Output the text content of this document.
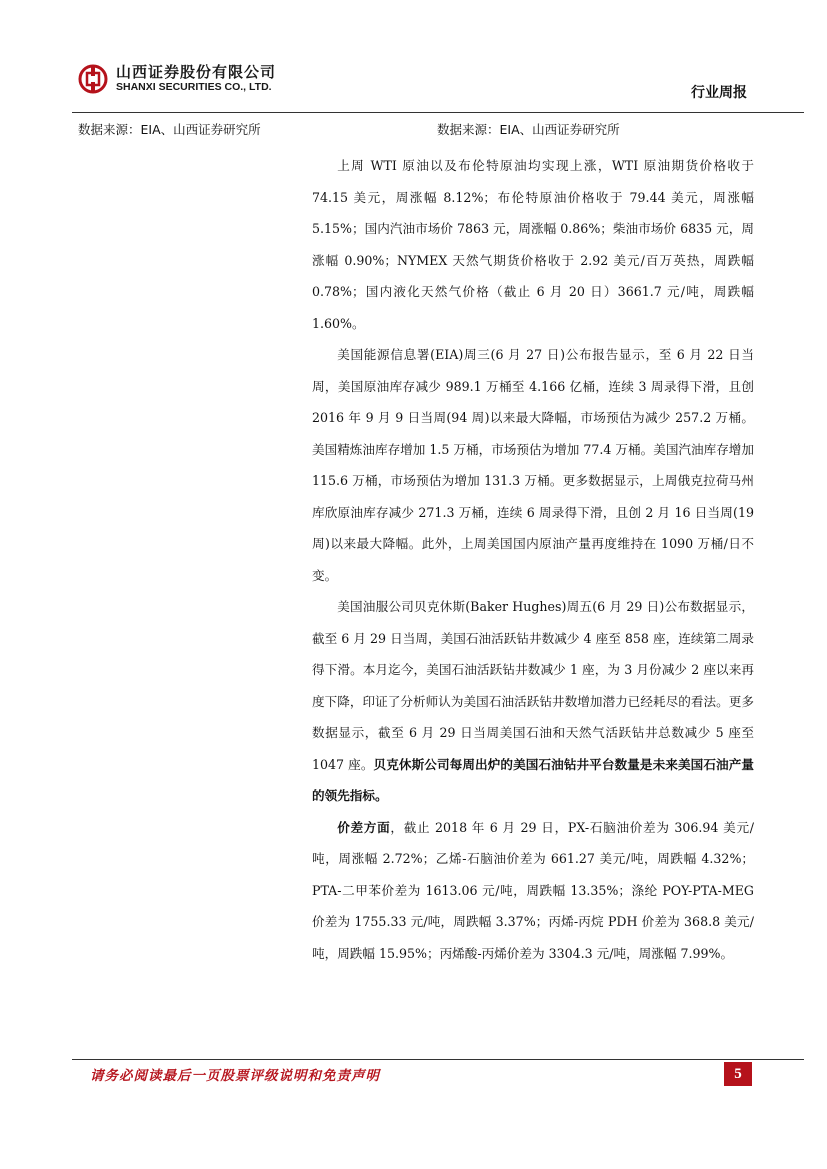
山西证券股份有限公司
SHANXI SECURITIES CO., LTD.	行业周报
数据来源：EIA、山西证券研究所	数据来源：EIA、山西证券研究所

上周 WTI 原油以及布伦特原油均实现上涨，WTI 原油期货价格收于 74.15 美元，周涨幅 8.12%；布伦特原油价格收于 79.44 美元，周涨幅 5.15%；国内汽油市场价 7863 元，周涨幅 0.86%；柴油市场价 6835 元，周涨幅 0.90%；NYMEX 天然气期货价格收于 2.92 美元/百万英热，周跌幅 0.78%；国内液化天然气价格（截止 6 月 20 日）3661.7 元/吨，周跌幅 1.60%。

美国能源信息署(EIA)周三(6 月 27 日)公布报告显示，至 6 月 22 日当周，美国原油库存减少 989.1 万桶至 4.166 亿桶，连续 3 周录得下滑，且创 2016 年 9 月 9 日当周(94 周)以来最大降幅，市场预估为减少 257.2 万桶。美国精炼油库存增加 1.5 万桶，市场预估为增加 77.4 万桶。美国汽油库存增加 115.6 万桶，市场预估为增加 131.3 万桶。更多数据显示，上周俄克拉荷马州库欣原油库存减少 271.3 万桶，连续 6 周录得下滑，且创 2 月 16 日当周(19 周)以来最大降幅。此外，上周美国国内原油产量再度维持在 1090 万桶/日不变。

美国油服公司贝克休斯(Baker Hughes)周五(6 月 29 日)公布数据显示，截至 6 月 29 日当周，美国石油活跃钻井数减少 4 座至 858 座，连续第二周录得下滑。本月迄今，美国石油活跃钻井数减少 1 座，为 3 月份减少 2 座以来再度下降，印证了分析师认为美国石油活跃钻井数增加潜力已经耗尽的看法。更多数据显示，截至 6 月 29 日当周美国石油和天然气活跃钻井总数减少 5 座至 1047 座。贝克休斯公司每周出炉的美国石油钻井平台数量是未来美国石油产量的领先指标。

价差方面，截止 2018 年 6 月 29 日，PX-石脑油价差为 306.94 美元/吨，周涨幅 2.72%；乙烯-石脑油价差为 661.27 美元/吨，周跌幅 4.32%；PTA-二甲苯价差为 1613.06 元/吨，周跌幅 13.35%；涤纶 POY-PTA-MEG 价差为 1755.33 元/吨，周跌幅 3.37%；丙烯-丙烷 PDH 价差为 368.8 美元/吨，周跌幅 15.95%；丙烯酸-丙烯价差为 3304.3 元/吨，周涨幅 7.99%。

请务必阅读最后一页股票评级说明和免责声明	5
